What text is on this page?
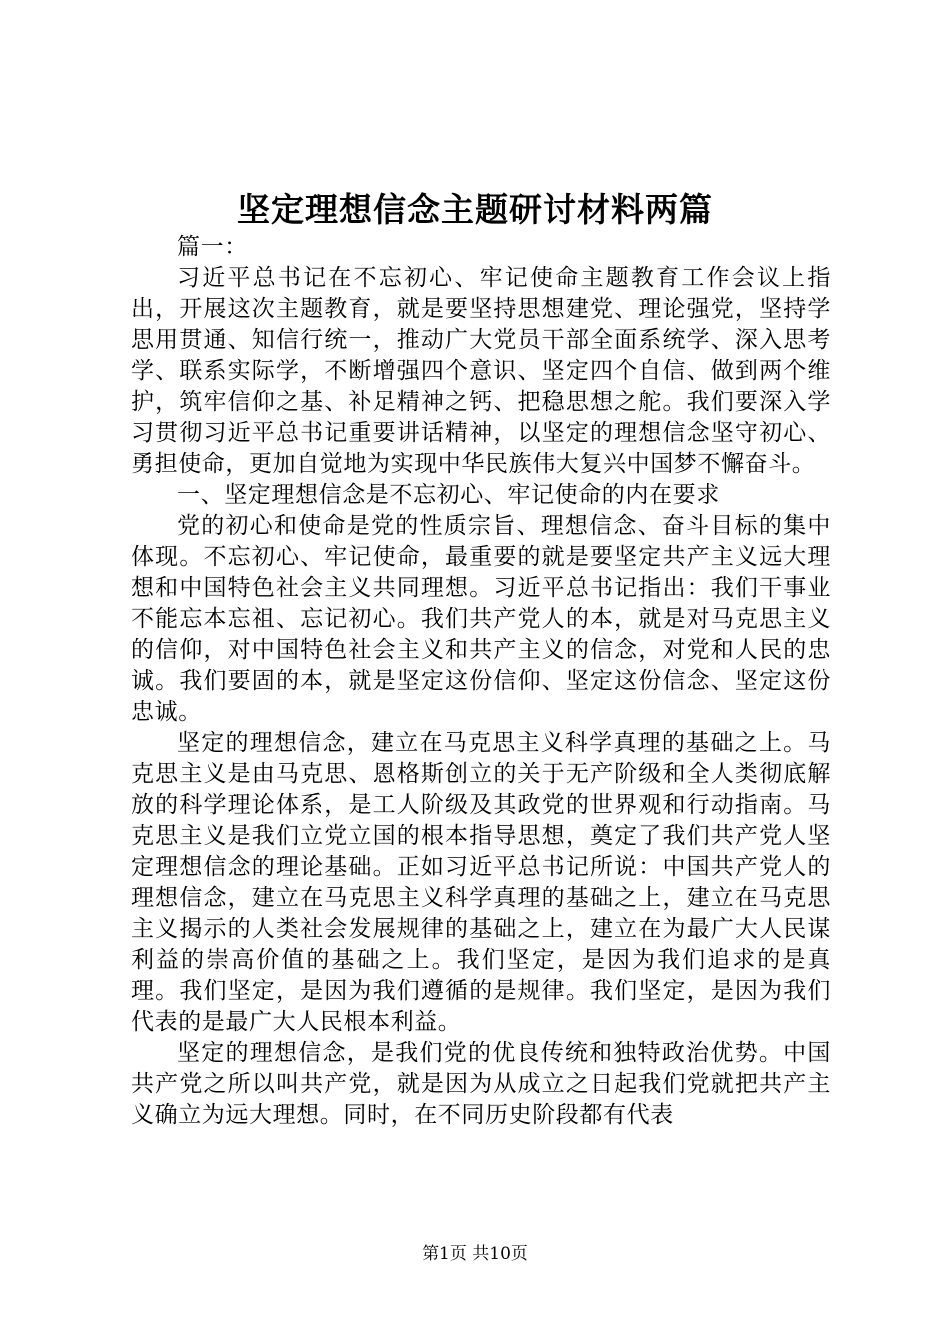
坚定理想信念主题研讨材料两篇

篇一：

习近平总书记在不忘初心、牢记使命主题教育工作会议上指出，开展这次主题教育，就是要坚持思想建党、理论强党，坚持学思用贯通、知信行统一，推动广大党员干部全面系统学、深入思考学、联系实际学，不断增强四个意识、坚定四个自信、做到两个维护，筑牢信仰之基、补足精神之钙、把稳思想之舵。我们要深入学习贯彻习近平总书记重要讲话精神，以坚定的理想信念坚守初心、勇担使命，更加自觉地为实现中华民族伟大复兴中国梦不懈奋斗。

一、坚定理想信念是不忘初心、牢记使命的内在要求

党的初心和使命是党的性质宗旨、理想信念、奋斗目标的集中体现。不忘初心、牢记使命，最重要的就是要坚定共产主义远大理想和中国特色社会主义共同理想。习近平总书记指出：我们干事业不能忘本忘祖、忘记初心。我们共产党人的本，就是对马克思主义的信仰，对中国特色社会主义和共产主义的信念，对党和人民的忠诚。我们要固的本，就是坚定这份信仰、坚定这份信念、坚定这份忠诚。

坚定的理想信念，建立在马克思主义科学真理的基础之上。马克思主义是由马克思、恩格斯创立的关于无产阶级和全人类彻底解放的科学理论体系，是工人阶级及其政党的世界观和行动指南。马克思主义是我们立党立国的根本指导思想，奠定了我们共产党人坚定理想信念的理论基础。正如习近平总书记所说：中国共产党人的理想信念，建立在马克思主义科学真理的基础之上，建立在马克思主义揭示的人类社会发展规律的基础之上，建立在为最广大人民谋利益的崇高价值的基础之上。我们坚定，是因为我们追求的是真理。我们坚定，是因为我们遵循的是规律。我们坚定，是因为我们代表的是最广大人民根本利益。

坚定的理想信念，是我们党的优良传统和独特政治优势。中国共产党之所以叫共产党，就是因为从成立之日起我们党就把共产主义确立为远大理想。同时，在不同历史阶段都有代表

第1页 共10页
